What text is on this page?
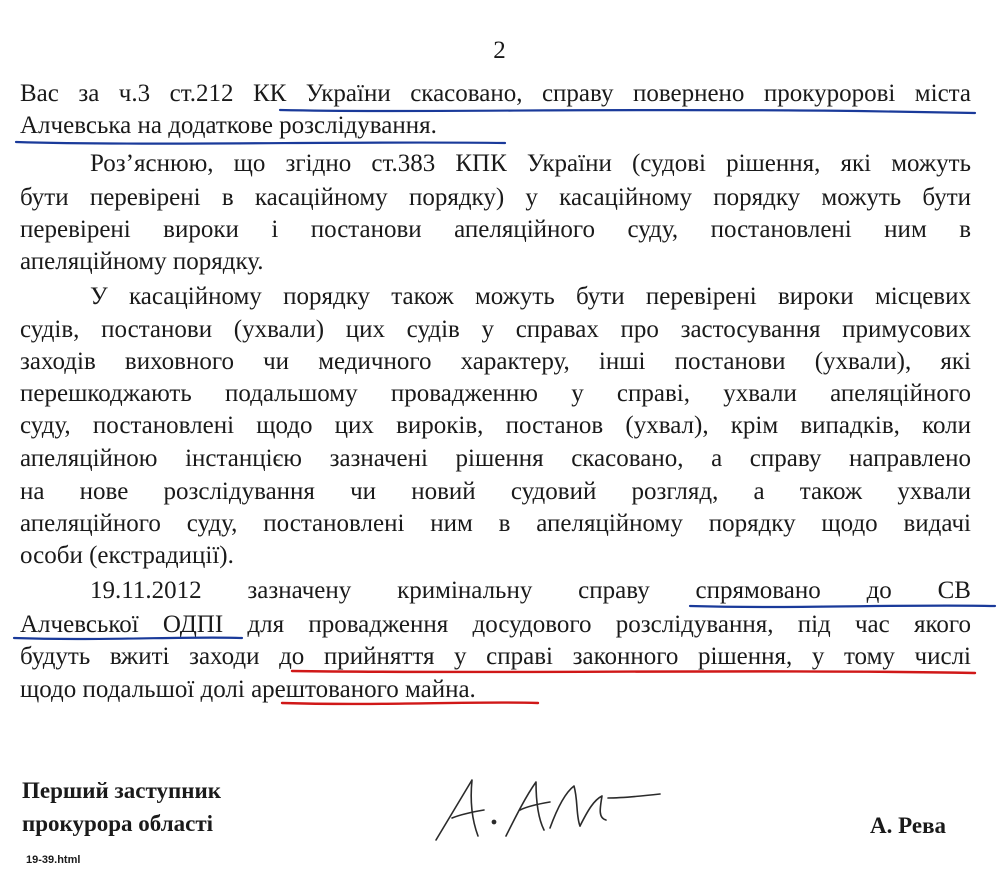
2
Вас за ч.3 ст.212 КК України скасовано, справу повернено прокуророві міста
Алчевська на додаткове розслідування.
Роз’яснюю, що згідно ст.383 КПК України (судові рішення, які можуть
бути перевірені в касаційному порядку) у касаційному порядку можуть бути
перевірені вироки і постанови апеляційного суду, постановлені ним в
апеляційному порядку.
У касаційному порядку також можуть бути перевірені вироки місцевих
судів, постанови (ухвали) цих судів у справах про застосування примусових
заходів виховного чи медичного характеру, інші постанови (ухвали), які
перешкоджають подальшому провадженню у справі, ухвали апеляційного
суду, постановлені щодо цих вироків, постанов (ухвал), крім випадків, коли
апеляційною інстанцією зазначені рішення скасовано, а справу направлено
на нове розслідування чи новий судовий розгляд, а також ухвали
апеляційного суду, постановлені ним в апеляційному порядку щодо видачі
особи (екстрадиції).
19.11.2012 зазначену кримінальну справу спрямовано до СВ
Алчевської ОДПІ для провадження досудового розслідування, під час якого
будуть вжиті заходи до прийняття у справі законного рішення, у тому числі
щодо подальшої долі арештованого майна.
Перший заступник
прокурора області	А. Рева
19-39.html
